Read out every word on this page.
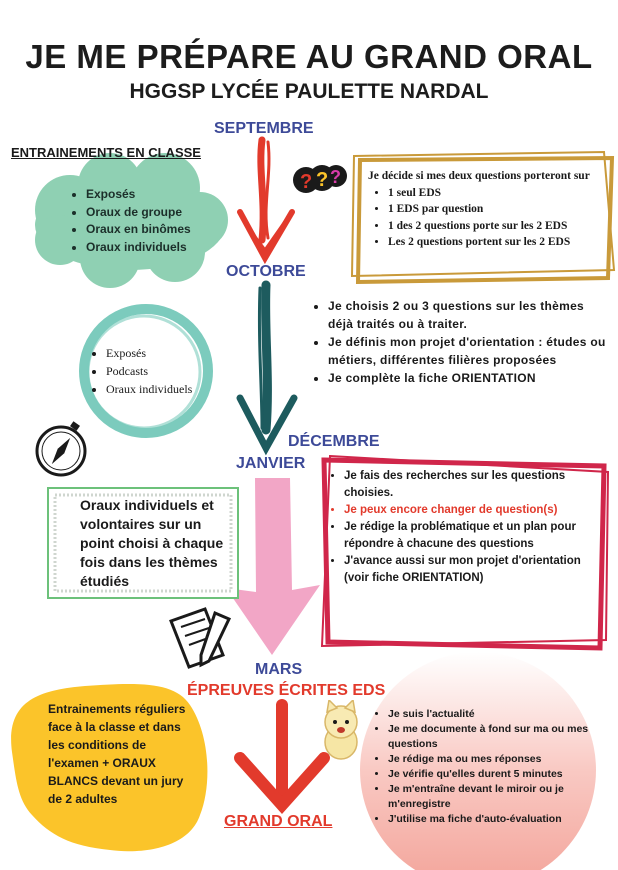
? ? ?
JE ME PRÉPARE AU GRAND ORAL
HGGSP LYCÉE PAULETTE NARDAL
SEPTEMBRE
OCTOBRE
DÉCEMBRE
JANVIER
MARS
ÉPREUVES ÉCRITES EDS
GRAND ORAL
ENTRAINEMENTS EN CLASSE
• Exposés
• Oraux de groupe
• Oraux en binômes
• Oraux individuels
• Exposés
• Podcasts
• Oraux individuels
Je décide si mes deux questions porteront sur
• 1 seul EDS
• 1 EDS par question
• 1 des 2 questions porte sur les 2 EDS
• Les 2 questions portent sur les 2 EDS
• Je choisis 2 ou 3 questions sur les thèmes déjà traités ou à traiter.
• Je définis mon projet d'orientation : études ou métiers, différentes filières proposées
• Je complète la fiche ORIENTATION
Oraux individuels et volontaires sur un point choisi à chaque fois dans les thèmes étudiés
• Je fais des recherches sur les questions choisies.
• Je peux encore changer de question(s)
• Je rédige la problématique et un plan pour répondre à chacune des questions
• J'avance aussi sur mon projet d'orientation (voir fiche ORIENTATION)
Entrainements réguliers face à la classe et dans les conditions de l'examen + ORAUX BLANCS devant un jury de 2 adultes
• Je suis l'actualité
• Je me documente à fond sur ma ou mes questions
• Je rédige ma ou mes réponses
• Je vérifie qu'elles durent 5 minutes
• Je m'entraîne devant le miroir ou je m'enregistre
• J'utilise ma fiche d'auto-évaluation
